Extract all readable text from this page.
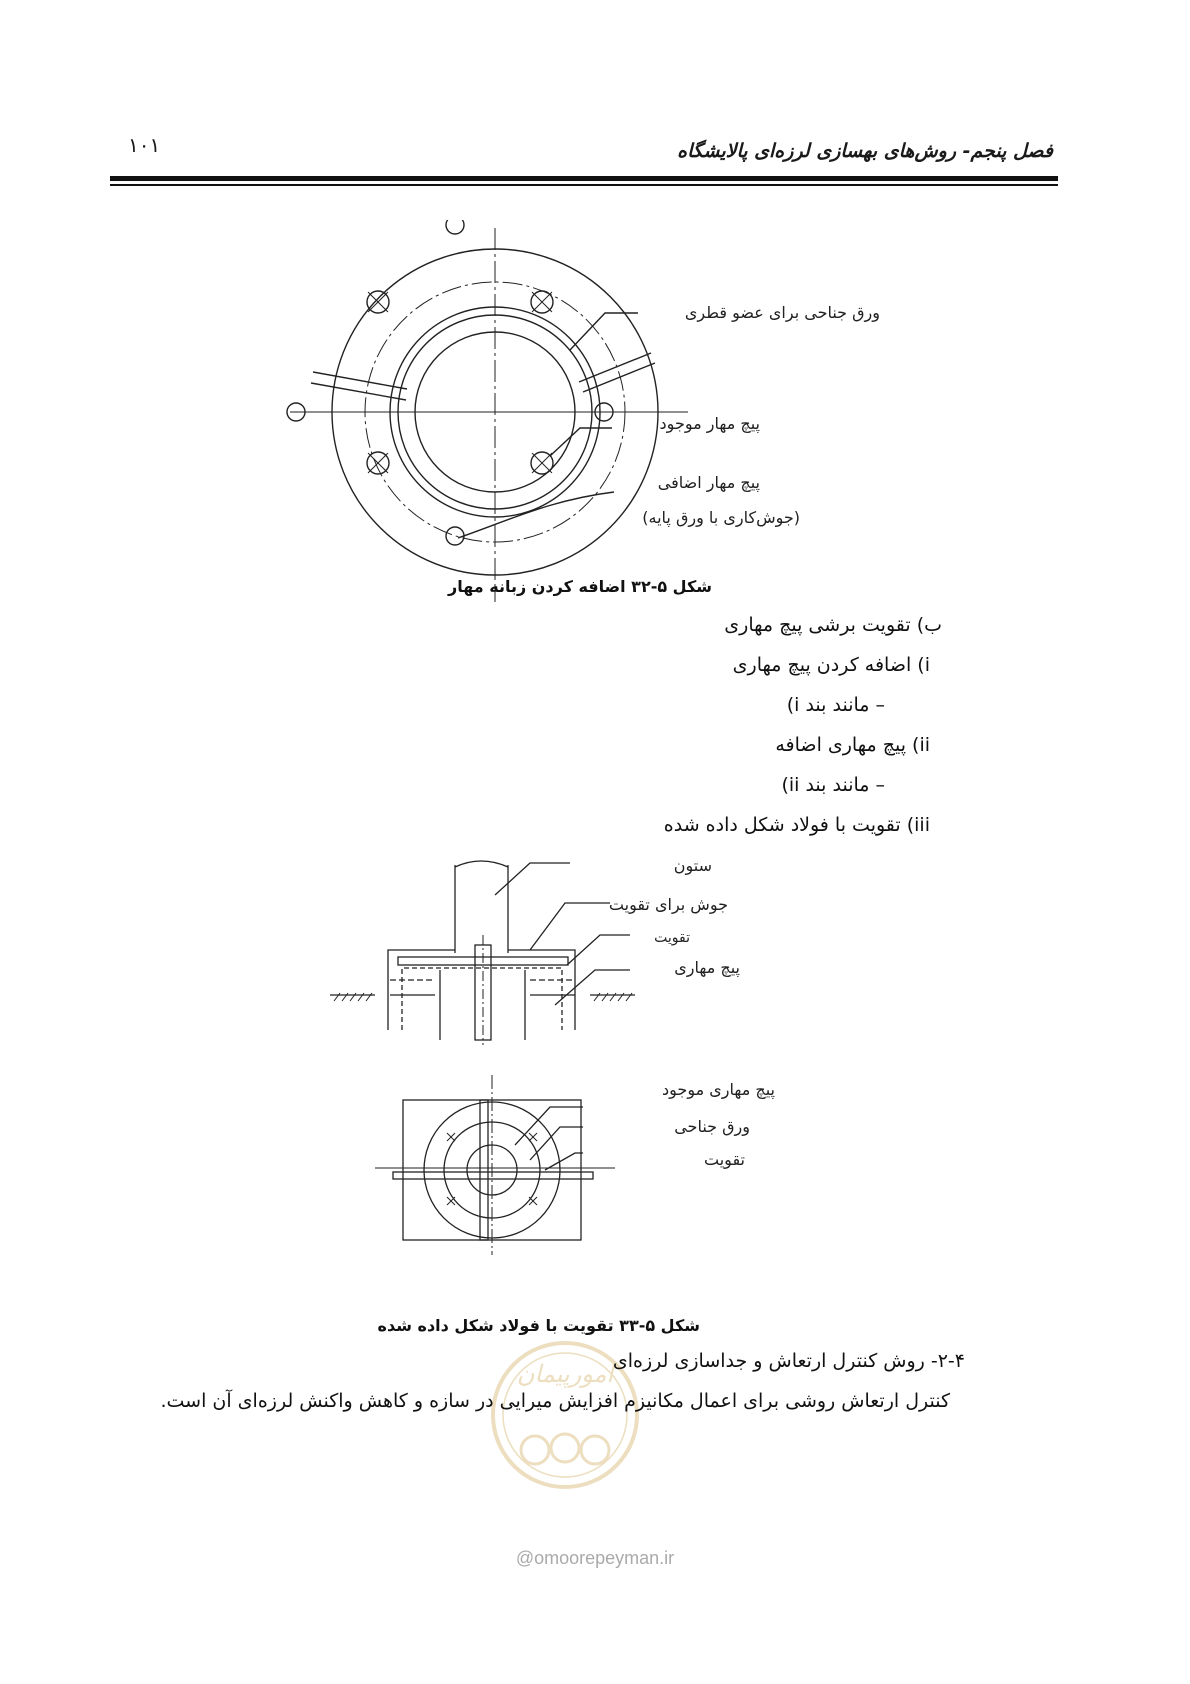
۱۰۱	فصل پنجم- روش‌های بهسازی لرزه‌ای پالایشگاه
ورق جناحی برای عضو قطری
پیچ مهار موجود
پیچ مهار اضافی
(جوش‌کاری با ورق پایه)
شکل ۵-۳۲ اضافه کردن زبانه مهار
ب) تقویت برشی پیچ مهاری
i) اضافه کردن پیچ مهاری
– مانند بند i)
ii) پیچ مهاری اضافه
– مانند بند ii)
iii) تقویت با فولاد شکل داده شده
ستون
جوش برای تقویت
تقویت
پیچ مهاری
پیچ مهاری موجود
ورق جناحی
تقویت
امورپیمان
شکل ۵-۳۳ تقویت با فولاد شکل داده شده
۲-۴- روش کنترل ارتعاش و جداسازی لرزه‌ای
کنترل ارتعاش روشی برای اعمال مکانیزم افزایش میرایی در سازه و کاهش واکنش لرزه‌ای آن است.
@omoorepeyman.ir
